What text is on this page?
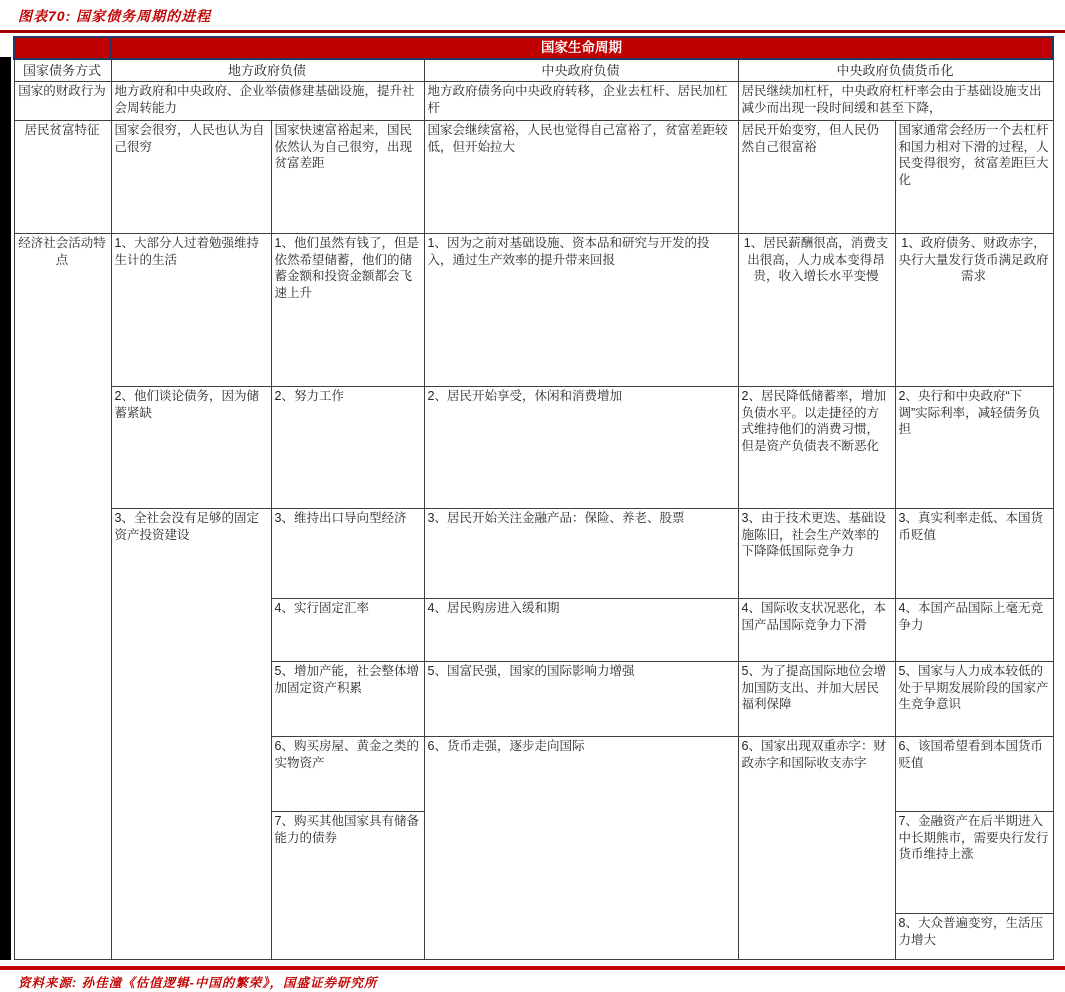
图表70: 国家债务周期的进程
	国家生命周期				
国家债务方式	地方政府负债		中央政府负债	中央政府负债货币化	
国家的财政行为	地方政府和中央政府、企业举债修建基础设施，提升社会周转能力		地方政府债务向中央政府转移，企业去杠杆、居民加杠杆	居民继续加杠杆，中央政府杠杆率会由于基础设施支出减少而出现一段时间缓和甚至下降，	
居民贫富特征	国家会很穷，人民也认为自己很穷	国家快速富裕起来，国民依然认为自己很穷，出现贫富差距	国家会继续富裕，人民也觉得自己富裕了，贫富差距较低，但开始拉大	居民开始变穷，但人民仍然自己很富裕	国家通常会经历一个去杠杆和国力相对下滑的过程，人民变得很穷，贫富差距巨大化
经济社会活动特点	1、大部分人过着勉强维持生计的生活	1、他们虽然有钱了，但是依然希望储蓄，他们的储蓄金额和投资金额都会飞速上升	1、因为之前对基础设施、资本品和研究与开发的投入，通过生产效率的提升带来回报	1、居民薪酬很高，消费支出很高，人力成本变得昂贵，收入增长水平变慢	1、政府债务、财政赤字，央行大量发行货币满足政府需求
	2、他们谈论债务，因为储蓄紧缺	2、努力工作	2、居民开始享受，休闲和消费增加	2、居民降低储蓄率，增加负债水平。以走捷径的方式维持他们的消费习惯，但是资产负债表不断恶化	2、央行和中央政府“下调”实际利率，减轻债务负担
	3、全社会没有足够的固定资产投资建设	3、维持出口导向型经济	3、居民开始关注金融产品：保险、养老、股票	3、由于技术更迭、基础设施陈旧，社会生产效率的下降降低国际竞争力	3、真实利率走低、本国货币贬值
		4、实行固定汇率	4、居民购房进入缓和期	4、国际收支状况恶化，本国产品国际竞争力下滑	4、本国产品国际上毫无竞争力
		5、增加产能，社会整体增加固定资产积累	5、国富民强，国家的国际影响力增强	5、为了提高国际地位会增加国防支出、并加大居民福利保障	5、国家与人力成本较低的处于早期发展阶段的国家产生竞争意识
		6、购买房屋、黄金之类的实物资产	6、货币走强，逐步走向国际	6、国家出现双重赤字：财政赤字和国际收支赤字	6、该国希望看到本国货币贬值
		7、购买其他国家具有储备能力的债券			7、金融资产在后半期进入中长期熊市，需要央行发行货币维持上涨
					8、大众普遍变穷，生活压力增大
资料来源: 孙佳潼《估值逻辑-中国的繁荣》，国盛证券研究所
